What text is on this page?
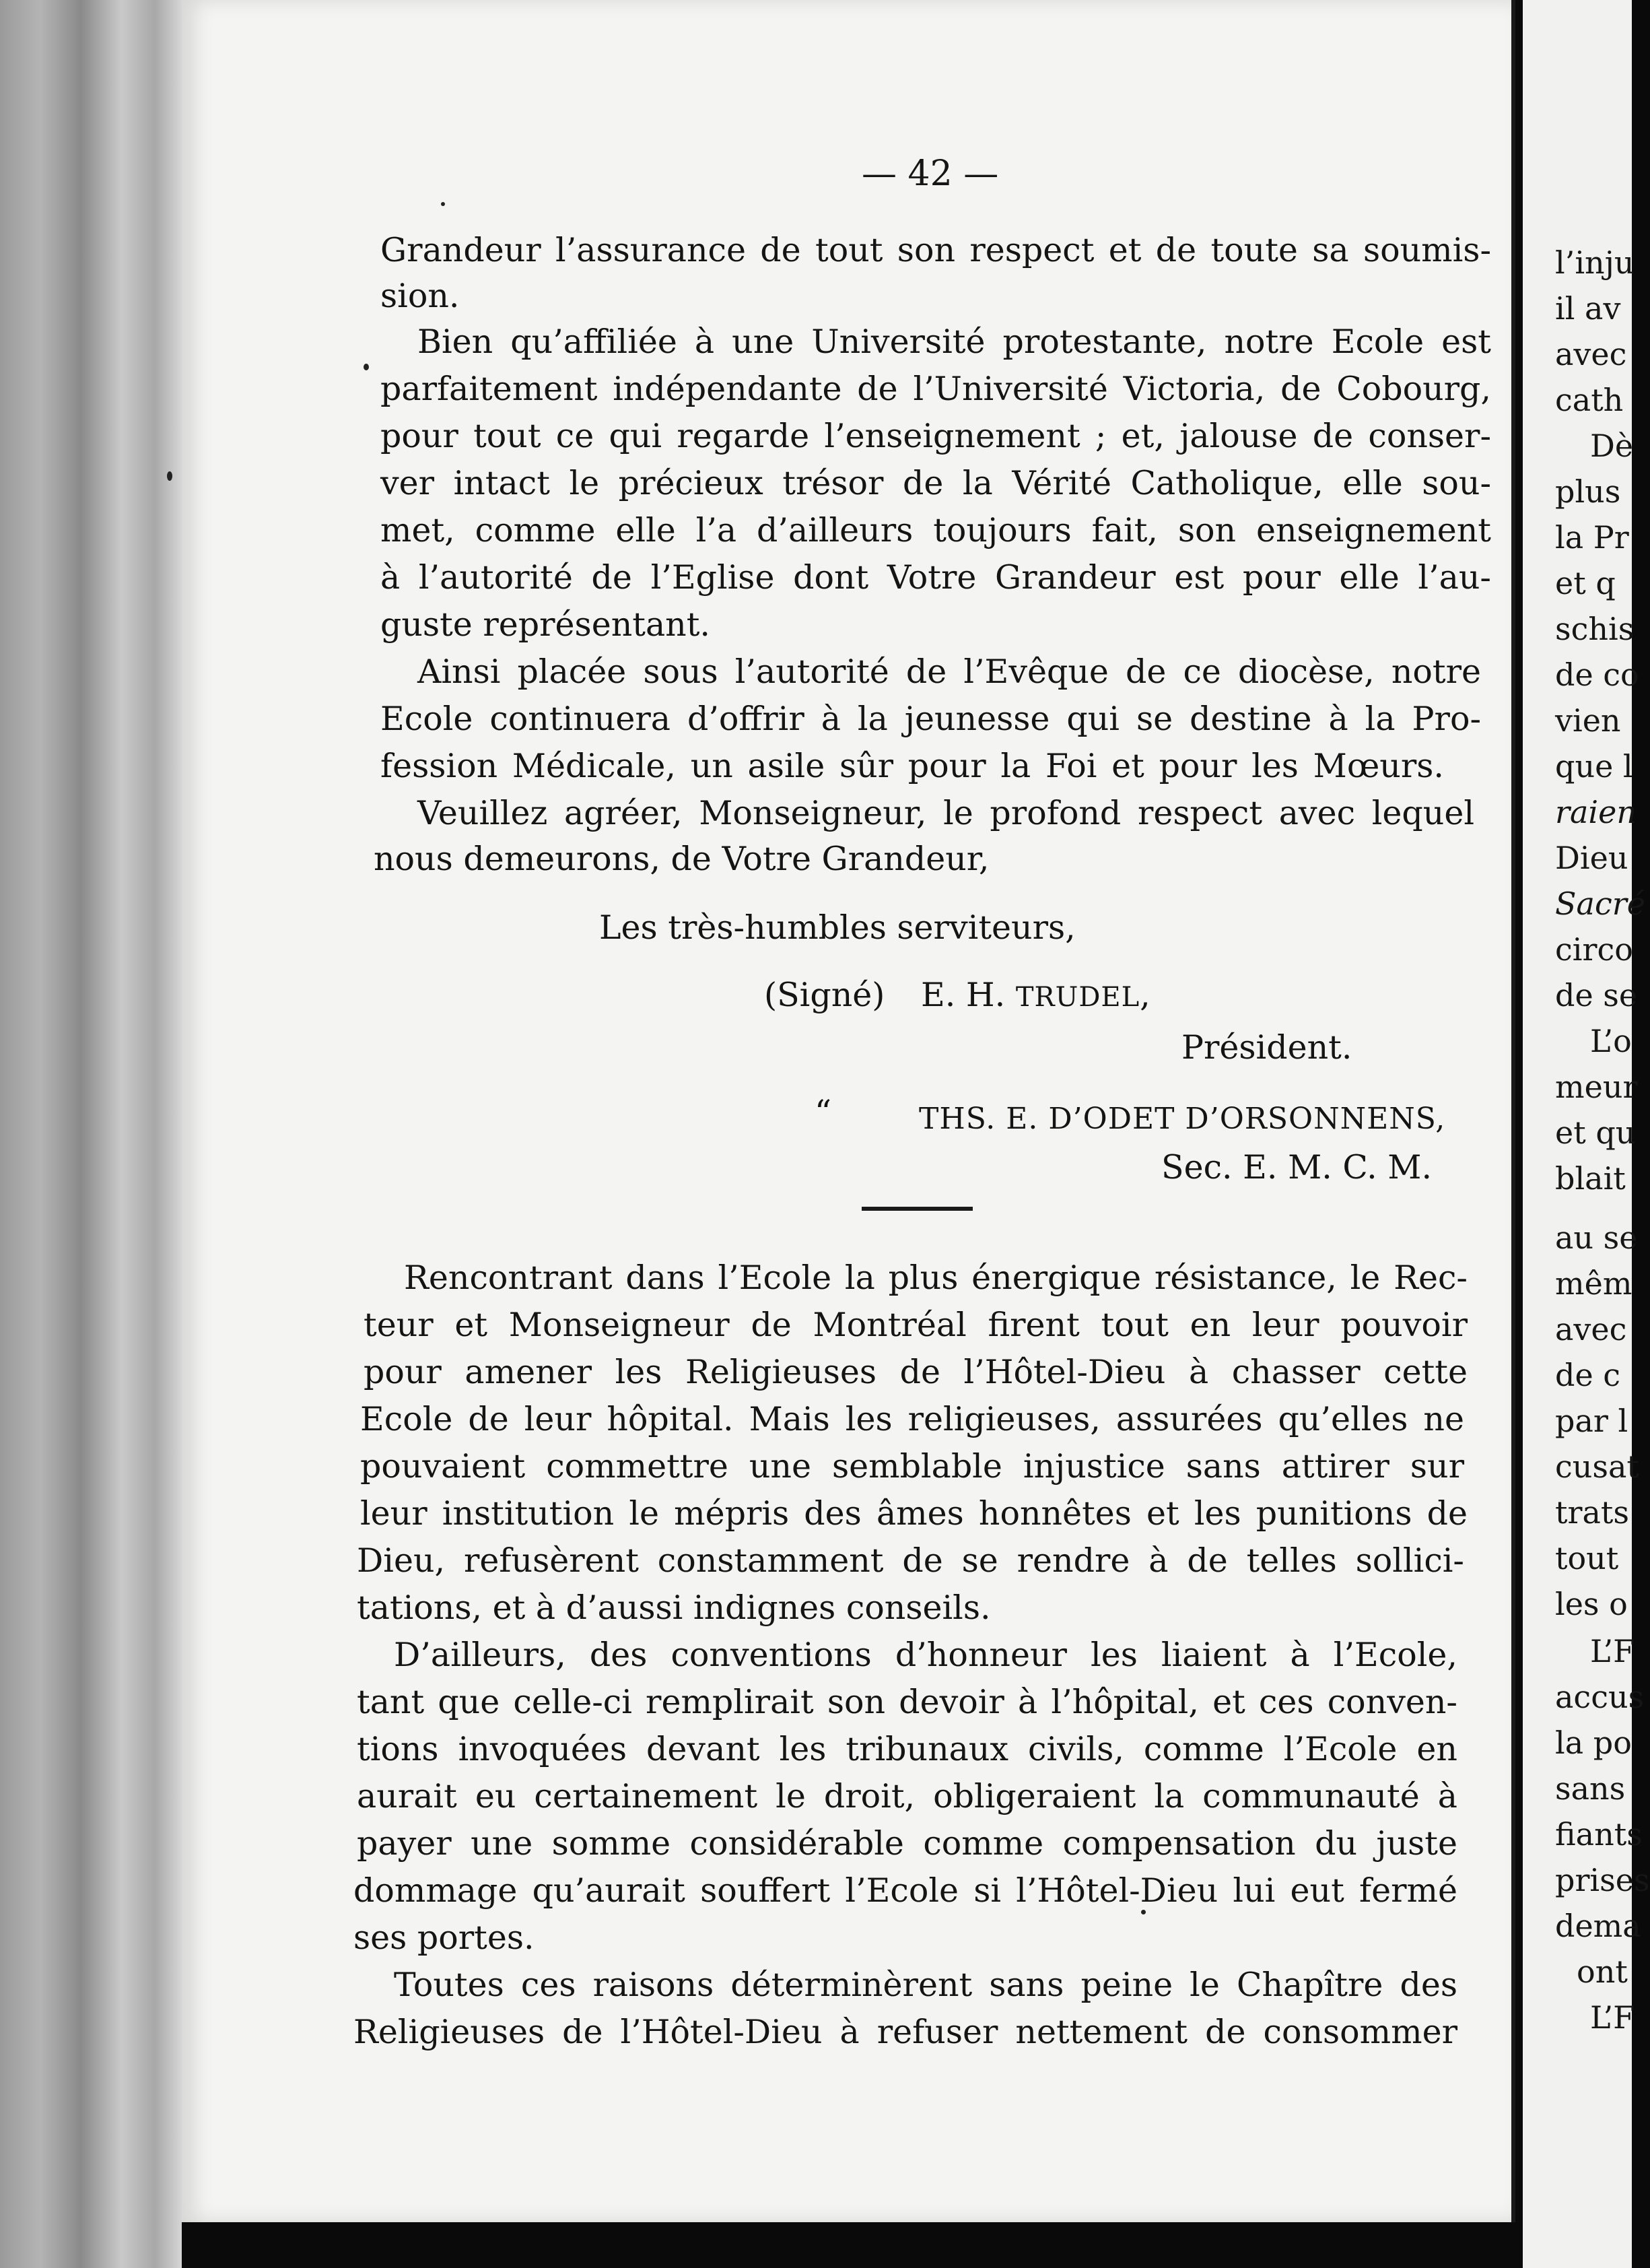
— 42 —
Grandeur l’assurance de tout son respect et de toute sa soumis-
sion.
Bien qu’affiliée à une Université protestante, notre Ecole est
parfaitement indépendante de l’Université Victoria, de Cobourg,
pour tout ce qui regarde l’enseignement ; et, jalouse de conser-
ver intact le précieux trésor de la Vérité Catholique, elle sou-
met, comme elle l’a d’ailleurs toujours fait, son enseignement
à l’autorité de l’Eglise dont Votre Grandeur est pour elle l’au-
guste représentant.
Ainsi placée sous l’autorité de l’Evêque de ce diocèse, notre
Ecole continuera d’offrir à la jeunesse qui se destine à la Pro-
fession Médicale, un asile sûr pour la Foi et pour les Mœurs.
Veuillez agréer, Monseigneur, le profond respect avec lequel
nous demeurons, de Votre Grandeur,
Les très-humbles serviteurs,
(Signé) E. H. TRUDEL,
Président.
“	THS. E. D’ODET D’ORSONNENS,
Sec. E. M. C. M.
Rencontrant dans l’Ecole la plus énergique résistance, le Rec-
teur et Monseigneur de Montréal firent tout en leur pouvoir
pour amener les Religieuses de l’Hôtel-Dieu à chasser cette
Ecole de leur hôpital. Mais les religieuses, assurées qu’elles ne
pouvaient commettre une semblable injustice sans attirer sur
leur institution le mépris des âmes honnêtes et les punitions de
Dieu, refusèrent constamment de se rendre à de telles sollici-
tations, et à d’aussi indignes conseils.
D’ailleurs, des conventions d’honneur les liaient à l’Ecole,
tant que celle-ci remplirait son devoir à l’hôpital, et ces conven-
tions invoquées devant les tribunaux civils, comme l’Ecole en
aurait eu certainement le droit, obligeraient la communauté à
payer une somme considérable comme compensation du juste
dommage qu’aurait souffert l’Ecole si l’Hôtel-Dieu lui eut fermé
ses portes.
Toutes ces raisons déterminèrent sans peine le Chapître des
Religieuses de l’Hôtel-Dieu à refuser nettement de consommer
l’inju
il av
avec
cath
Dè
plus
la Pr
et q
schis
de co
vien
que l
raien
Dieu
Sacré
circo
de se
L’o
meur
et qu
blait
au se
mêm
avec
de c
par l
cusat
trats
tout
les o
L’F
accus
la po
sans
fiants
prises
dema
ont
L’F
